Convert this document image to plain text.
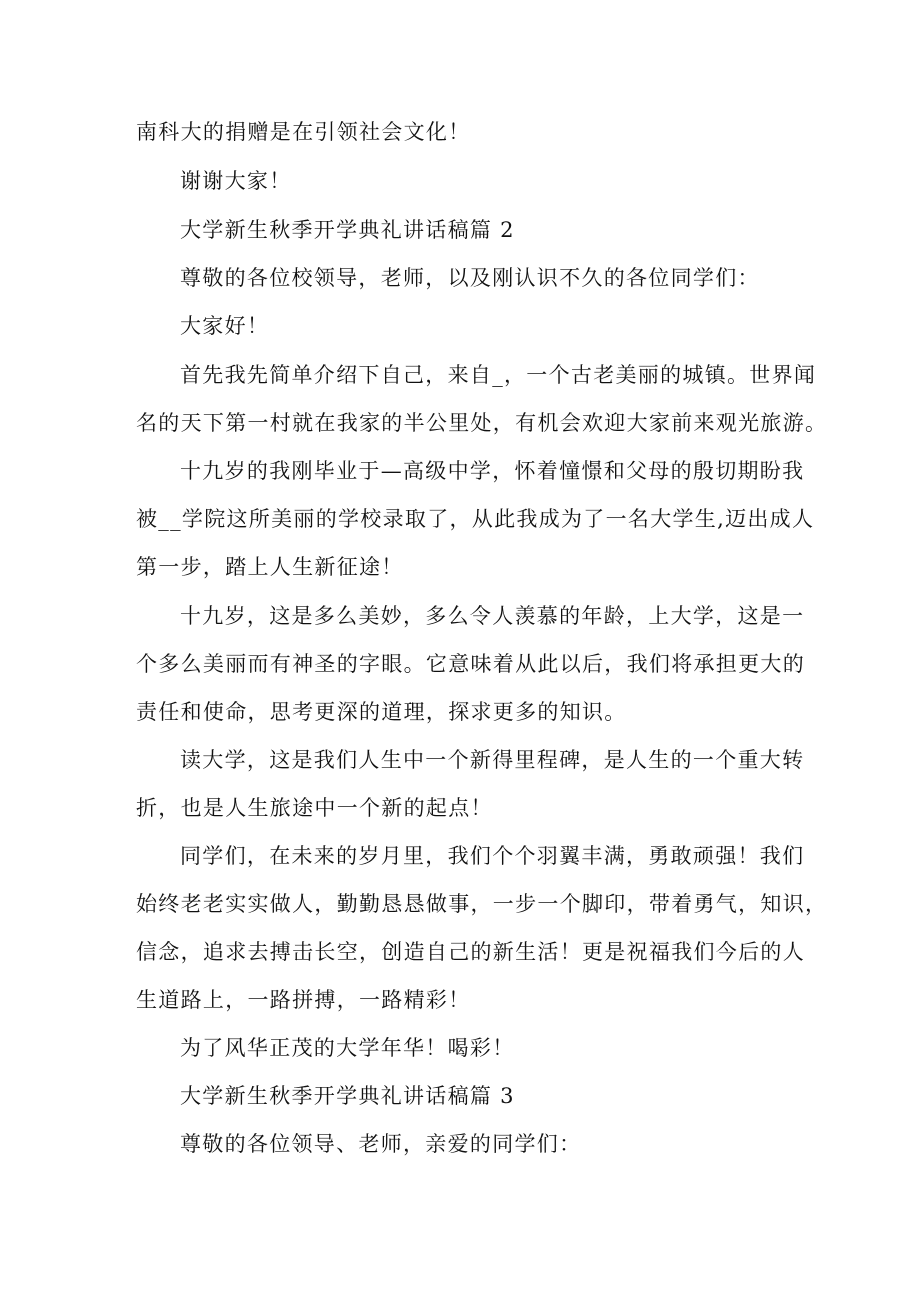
南科大的捐赠是在引领社会文化！
谢谢大家！
大学新生秋季开学典礼讲话稿篇 2
尊敬的各位校领导，老师，以及刚认识不久的各位同学们：
大家好！
首先我先简单介绍下自己，来自_，一个古老美丽的城镇。世界闻
名的天下第一村就在我家的半公里处，有机会欢迎大家前来观光旅游。
十九岁的我刚毕业于—高级中学，怀着憧憬和父母的殷切期盼我
被__学院这所美丽的学校录取了，从此我成为了一名大学生,迈出成人
第一步，踏上人生新征途！
十九岁，这是多么美妙，多么令人羡慕的年龄，上大学，这是一
个多么美丽而有神圣的字眼。它意味着从此以后，我们将承担更大的
责任和使命，思考更深的道理，探求更多的知识。
读大学，这是我们人生中一个新得里程碑，是人生的一个重大转
折，也是人生旅途中一个新的起点！
同学们，在未来的岁月里，我们个个羽翼丰满，勇敢顽强！我们
始终老老实实做人，勤勤恳恳做事，一步一个脚印，带着勇气，知识，
信念，追求去搏击长空，创造自己的新生活！更是祝福我们今后的人
生道路上，一路拼搏，一路精彩！
为了风华正茂的大学年华！喝彩！
大学新生秋季开学典礼讲话稿篇 3
尊敬的各位领导、老师，亲爱的同学们：
